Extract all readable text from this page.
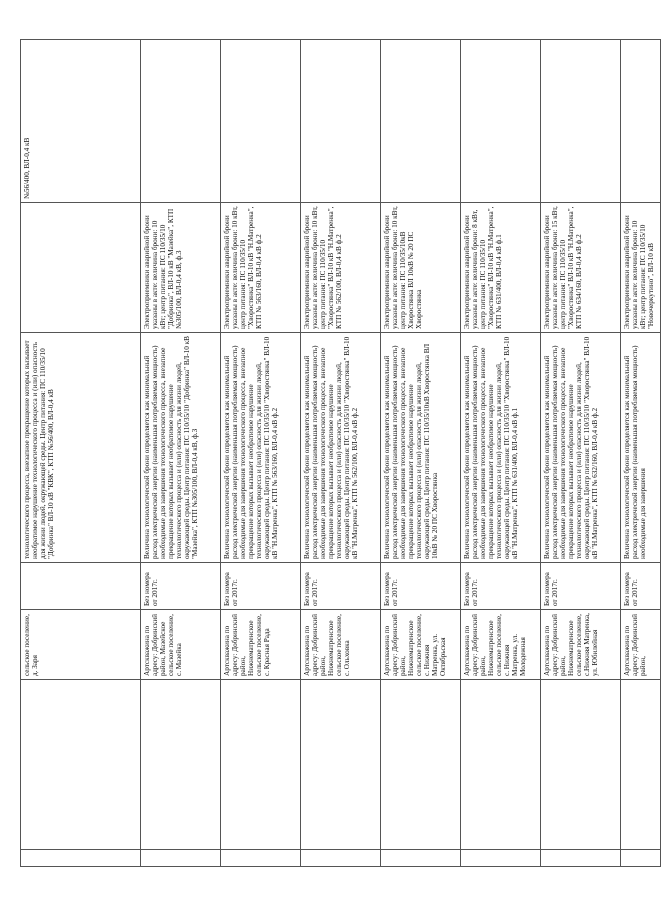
		сельское поселение, д. Заря		технологического процесса, внезапное прекращение которых вызывает необратимое нарушение технологического процесса и (или) опасность для жизни людей, окружающей среды. Центр питания: ПС 110/35/10 "Добринка" ВЛ-10 кВ "КВК", КТП №56/400, ВЛ-0,4 кВ		№56/400, ВЛ-0,4 кВ
		Артскважина по адресу: Добринский район, Мазейское сельское поселение, с. Мазейка	Без номера от 2017г.	Величина технологической брони определяется как минимальный расход электрической энергии (наименьшая потребляемая мощность) необходимые для завершения технологического процесса, внезапное прекращение которых вызывает необратимое нарушение технологического процесса и (или) опасность для жизни людей, окружающей среды. Центр питания: ПС 110/35/10 "Добринка" ВЛ-10 кВ "Мазейка", КТП №305/100, ВЛ-0,4 кВ, ф.3	Электроприемники аварийной брони указаны в акте: величина брони: 10 кВт; центр питания: ПС 110/35/10 "Добринка", ВЛ-10 кВ "Мазейка", КТП №305/100, ВЛ-0,4 кВ, ф.3	
		Артскважина по адресу: Добринский район, Нижнематренское сельское поселение, с. Красная Рада	Без номера от 2017г.	Величина технологической брони определяется как минимальный расход электрической энергии (наименьшая потребляемая мощность) необходимые для завершения технологического процесса, внезапное прекращение которых вызывает необратимое нарушение технологического процесса и (или) опасность для жизни людей, окружающей среды. Центр питания: ПС 110/35/10 "Хворостянка" ВЛ-10 кВ "Н.Матренка", КТП № 563/160, ВЛ-0,4 кВ ф.2	Электроприемники аварийной брони указаны в акте: величина брони: 10 кВт, центр питания: ПС 110/35/10 "Хворостянка" ВЛ-10 кВ "Н.Матренка", КТП № 563/160, ВЛ-0,4 кВ ф.2	
		Артскважина по адресу: Добринский район, Нижнематренское сельское поселение, с. Ольховка	Без номера от 2017г.	Величина технологической брони определяется как минимальный расход электрической энергии (наименьшая потребляемая мощность) необходимые для завершения технологического процесса, внезапное прекращение которых вызывает необратимое нарушение технологического процесса и (или) опасность для жизни людей, окружающей среды. Центр питания: ПС 110/35/10 "Хворостянка" ВЛ-10 кВ "Н.Матренка", КТП № 562/100, ВЛ-0,4 кВ ф.2	Электроприемники аварийной брони указаны в акте: величина брони: 10 кВт, центр питания: ПС 110/35/10 "Хворостянка" ВЛ-10 кВ "Н.Матренка", КТП № 562/100, ВЛ-0,4 кВ ф.2	
		Артскважина по адресу: Добринский район, Нижнематренское сельское поселение, с. Нижняя Матренка, ул. Октябрьская	Без номера от 2017г.	Величина технологической брони определяется как минимальный расход электрической энергии (наименьшая потребляемая мощность) необходимые для завершения технологического процесса, внезапное прекращение которых вызывает необратимое нарушение технологического процесса и (или) опасность для жизни людей, окружающей среды. Центр питания: ПС 110/35/10кВ Хворостянка ВЛ 10кВ № 20 ПС Хворостянка	Электроприемники аварийной брони указаны в акте: величина брони: 10 кВт, центр питания: ПС 110/35/10кВ Хворостянка ВЛ 10кВ № 20 ПС Хворостянка	
		Артскважина по адресу: Добринский район, Нижнематренское сельское поселение, с. Нижняя Матренка, ул. Молодежная	Без номера от 2017г.	Величина технологической брони определяется как минимальный расход электрической энергии (наименьшая потребляемая мощность) необходимые для завершения технологического процесса, внезапное прекращение которых вызывает необратимое нарушение технологического процесса и (или) опасность для жизни людей, окружающей среды. Центр питания: ПС 110/35/10 "Хворостянка" ВЛ-10 кВ "Н.Матренка", КТП № 631/400, ВЛ-0,4 кВ ф.1	Электроприемники аварийной брони указаны в акте: величина брони: 8 кВт, центр питания: ПС 110/35/10 "Хворостянка" ВЛ-10 кВ "Н.Матренка", КТП № 631/400, ВЛ-0,4 кВ ф.1	
		Артскважина по адресу: Добринский район, Нижнематренское сельское поселение, с.Нижняя Матренка, ул. Юбилейная	Без номера от 2017г.	Величина технологической брони определяется как минимальный расход электрической энергии (наименьшая потребляемая мощность) необходимые для завершения технологического процесса, внезапное прекращение которых вызывает необратимое нарушение технологического процесса и (или) опасность для жизни людей, окружающей среды. Центр питания: ПС 110/35/10 "Хворостянка" ВЛ-10 кВ "Н.Матренка", КТП № 632/160, ВЛ-0,4 кВ ф.2	Электроприемники аварийной брони указаны в акте: величина брони: 15 кВт, центр питания: ПС 110/35/10 "Хворостянка" ВЛ-10 кВ "Н.Матренка", КТП № 634/160, ВЛ-0,4 кВ ф.2	
		Артскважина по адресу: Добринский район,	Без номера от 2017г.	Величина технологической брони определяется как минимальный расход электрической энергии (наименьшая потребляемая мощность) необходимые для завершения	Электроприемники аварийной брони указаны в акте: величина брони: 10 кВт; центр питания: ПС 110/35/10 "Новочеркутино", ВЛ-10 кВ	
